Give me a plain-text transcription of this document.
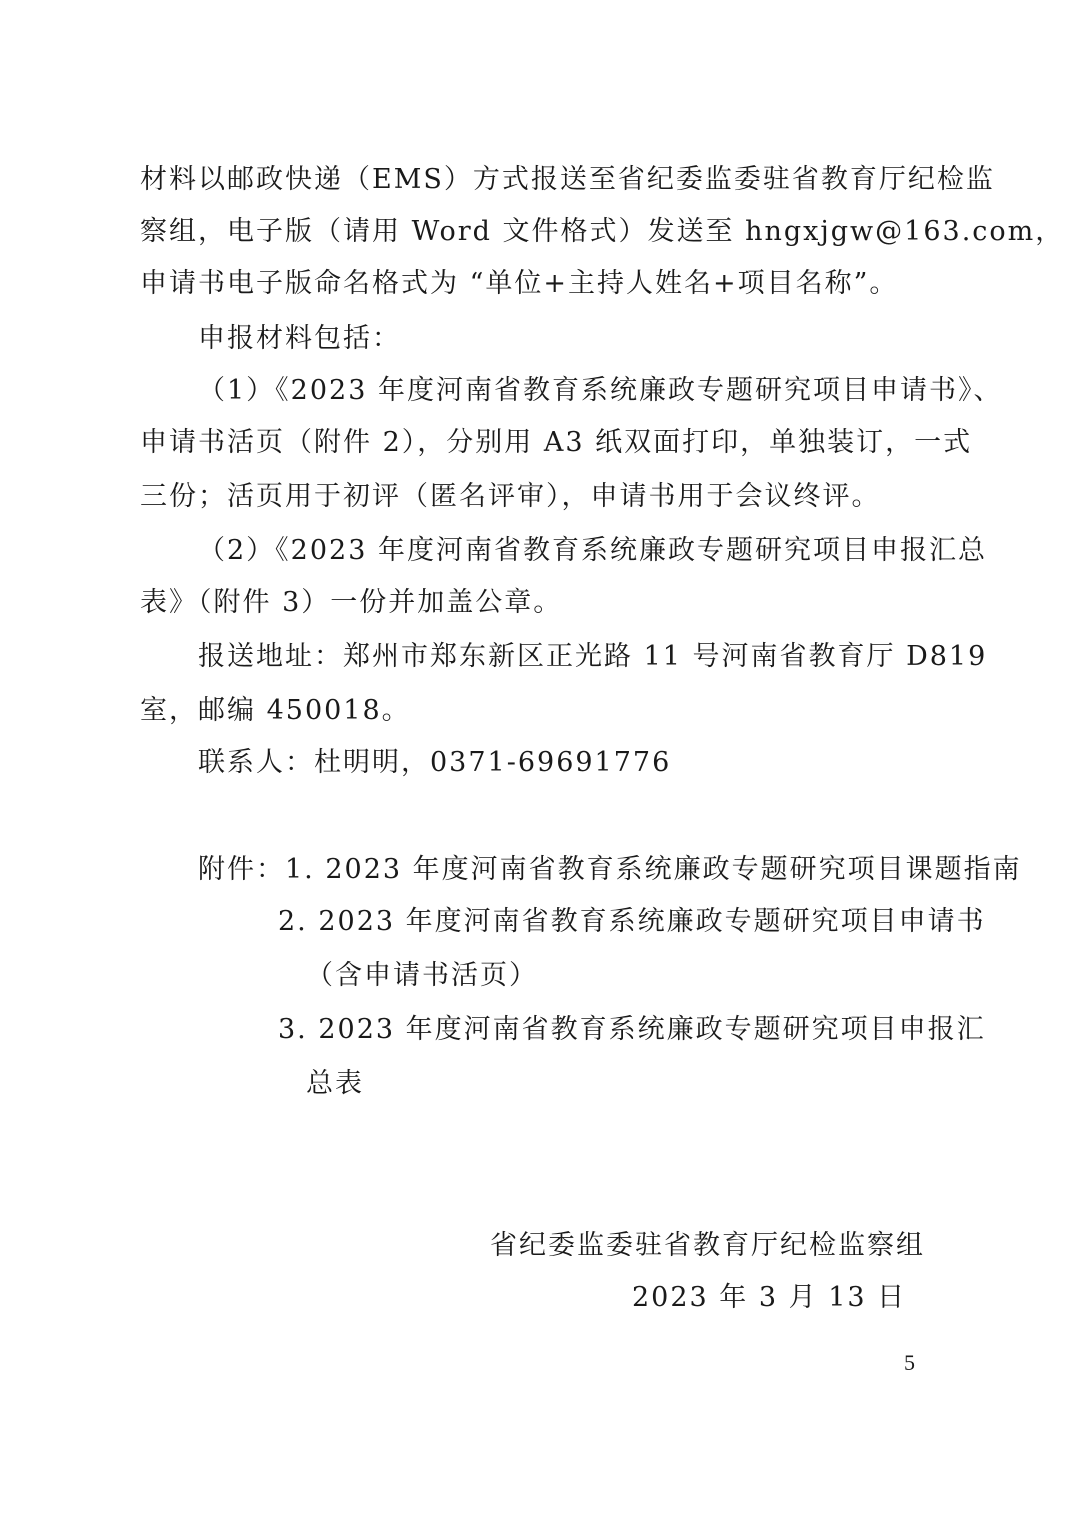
材料以邮政快递（EMS）方式报送至省纪委监委驻省教育厅纪检监
察组，电子版（请用 Word 文件格式）发送至 hngxjgw@163.com，
申请书电子版命名格式为 “单位+主持人姓名+项目名称”。
申报材料包括：
（1）《2023 年度河南省教育系统廉政专题研究项目申请书》、
申请书活页（附件 2），分别用 A3 纸双面打印，单独装订，一式
三份；活页用于初评（匿名评审），申请书用于会议终评。
（2）《2023 年度河南省教育系统廉政专题研究项目申报汇总
表》（附件 3）一份并加盖公章。
报送地址：郑州市郑东新区正光路 11 号河南省教育厅 D819
室，邮编 450018。
联系人：杜明明，0371-69691776
附件：1. 2023 年度河南省教育系统廉政专题研究项目课题指南
2. 2023 年度河南省教育系统廉政专题研究项目申请书
（含申请书活页）
3. 2023 年度河南省教育系统廉政专题研究项目申报汇
总表
省纪委监委驻省教育厅纪检监察组
2023 年 3 月 13 日
5
